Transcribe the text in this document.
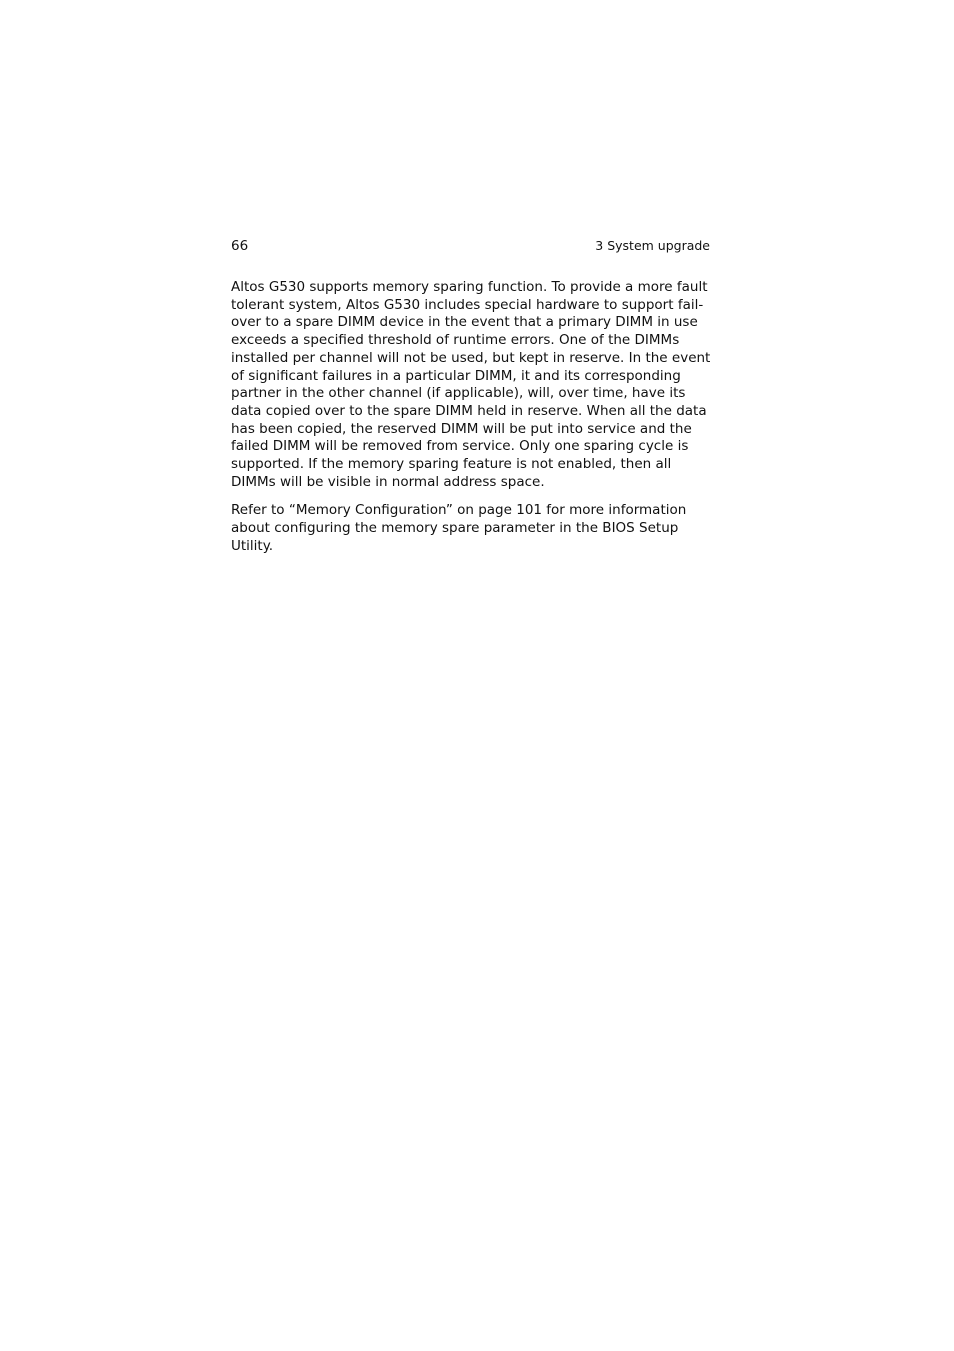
66	3 System upgrade

Altos G530 supports memory sparing function. To provide a more fault
tolerant system, Altos G530 includes special hardware to support fail-
over to a spare DIMM device in the event that a primary DIMM in use
exceeds a specified threshold of runtime errors. One of the DIMMs
installed per channel will not be used, but kept in reserve. In the event
of significant failures in a particular DIMM, it and its corresponding
partner in the other channel (if applicable), will, over time, have its
data copied over to the spare DIMM held in reserve. When all the data
has been copied, the reserved DIMM will be put into service and the
failed DIMM will be removed from service. Only one sparing cycle is
supported. If the memory sparing feature is not enabled, then all
DIMMs will be visible in normal address space.

Refer to “Memory Configuration” on page 101 for more information
about configuring the memory spare parameter in the BIOS Setup
Utility.
